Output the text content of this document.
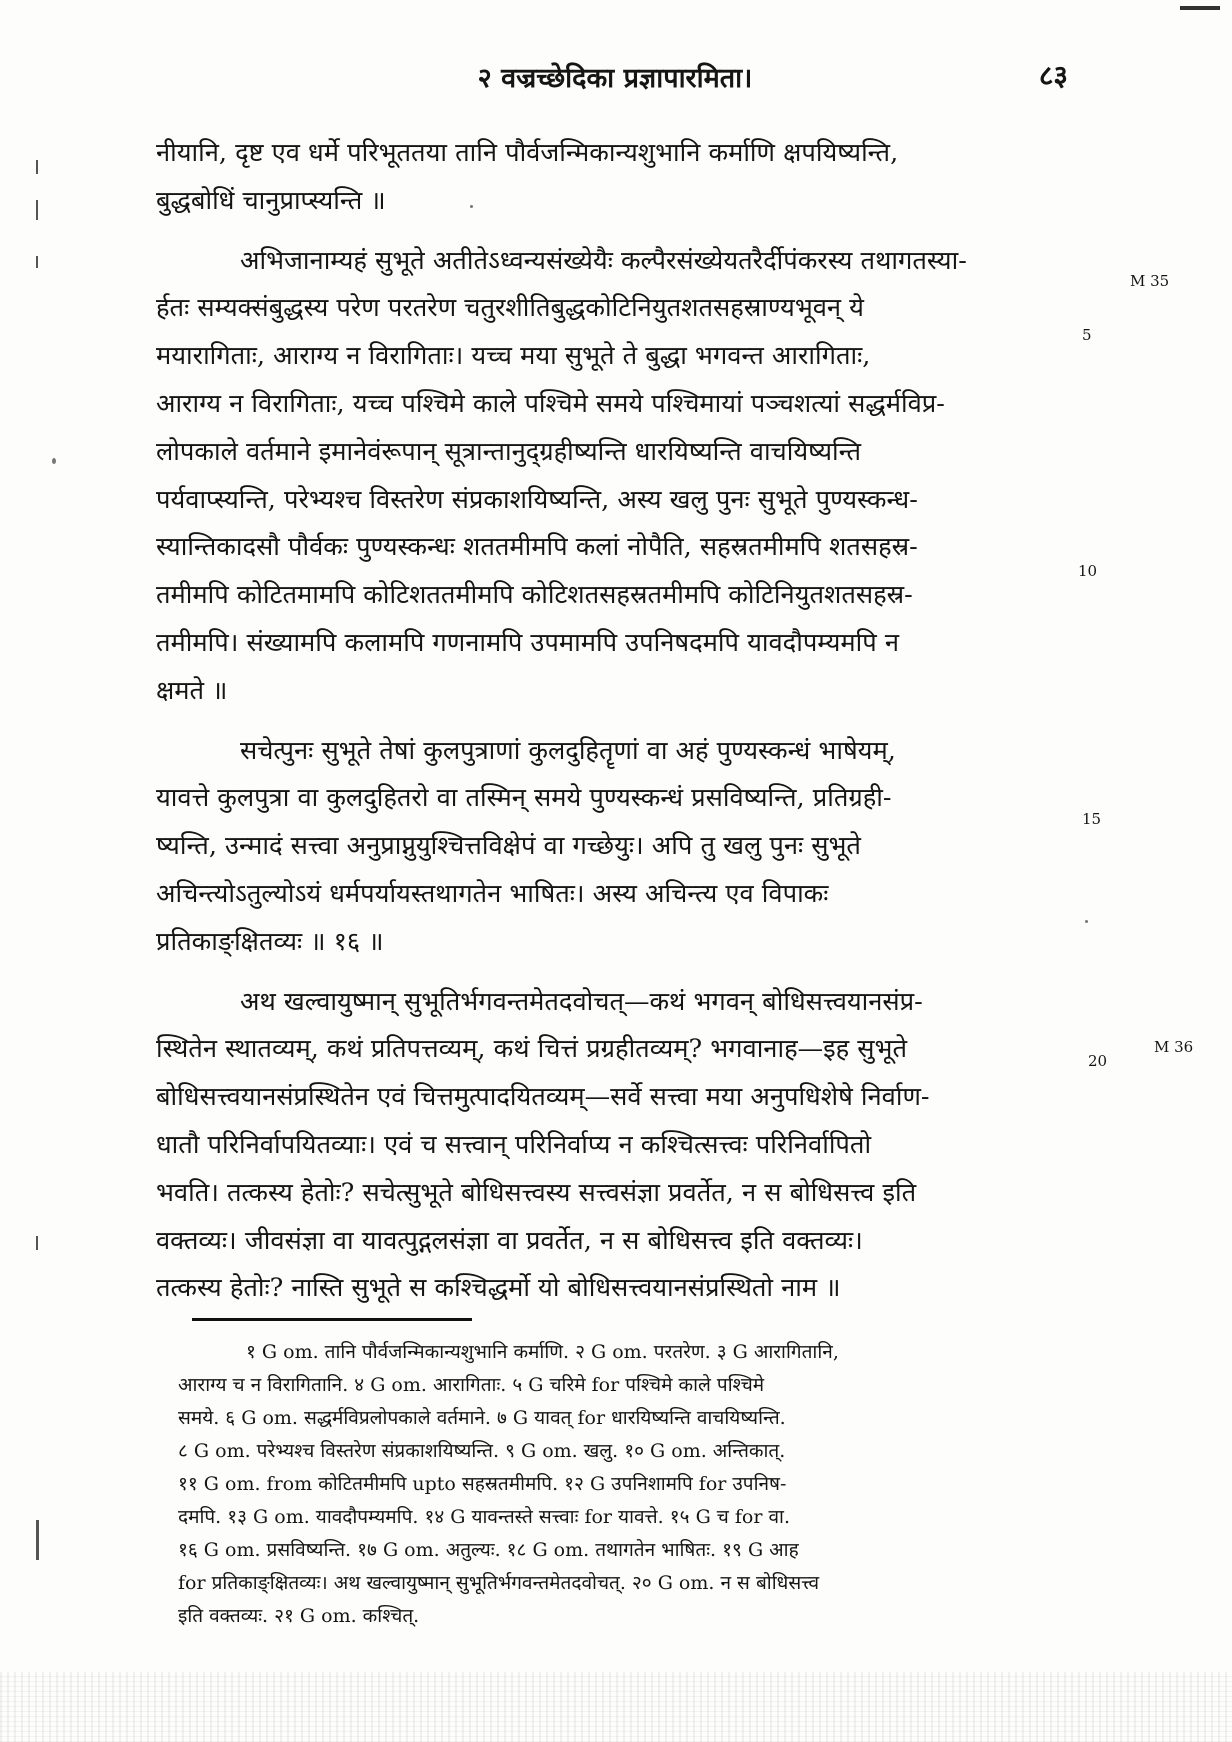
२ वज्रच्छेदिका प्रज्ञापारमिता।	८३
नीयानि, दृष्ट एव धर्मे परिभूततया तानि पौर्वजन्मिकान्यशुभानि कर्माणि क्षपयिष्यन्ति,
बुद्धबोधिं चानुप्राप्स्यन्ति ॥
अभिजानाम्यहं सुभूते अतीतेऽध्वन्यसंख्येयैः कल्पैरसंख्येयतरैर्दीपंकरस्य तथागतस्या-
र्हतः सम्यक्संबुद्धस्य परेण परतरेण चतुरशीतिबुद्धकोटिनियुतशतसहस्राण्यभूवन् ये
मयारागिताः, आराग्य न विरागिताः। यच्च मया सुभूते ते बुद्धा भगवन्त आरागिताः,
आराग्य न विरागिताः, यच्च पश्चिमे काले पश्चिमे समये पश्चिमायां पञ्चशत्यां सद्धर्मविप्र-
लोपकाले वर्तमाने इमानेवंरूपान् सूत्रान्तानुद्ग्रहीष्यन्ति धारयिष्यन्ति वाचयिष्यन्ति
पर्यवाप्स्यन्ति, परेभ्यश्च विस्तरेण संप्रकाशयिष्यन्ति, अस्य खलु पुनः सुभूते पुण्यस्कन्ध-
स्यान्तिकादसौ पौर्वकः पुण्यस्कन्धः शततमीमपि कलां नोपैति, सहस्रतमीमपि शतसहस्र-
तमीमपि कोटितमामपि कोटिशततमीमपि कोटिशतसहस्रतमीमपि कोटिनियुतशतसहस्र-
तमीमपि। संख्यामपि कलामपि गणनामपि उपमामपि उपनिषदमपि यावदौपम्यमपि न
क्षमते ॥
सचेत्पुनः सुभूते तेषां कुलपुत्राणां कुलदुहितॄणां वा अहं पुण्यस्कन्धं भाषेयम्,
यावत्ते कुलपुत्रा वा कुलदुहितरो वा तस्मिन् समये पुण्यस्कन्धं प्रसविष्यन्ति, प्रतिग्रही-
ष्यन्ति, उन्मादं सत्त्वा अनुप्राप्नुयुश्चित्तविक्षेपं वा गच्छेयुः। अपि तु खलु पुनः सुभूते
अचिन्त्योऽतुल्योऽयं धर्मपर्यायस्तथागतेन भाषितः। अस्य अचिन्त्य एव विपाकः
प्रतिकाङ्क्षितव्यः ॥ १६ ॥
अथ खल्वायुष्मान् सुभूतिर्भगवन्तमेतदवोचत्—कथं भगवन् बोधिसत्त्वयानसंप्र-
स्थितेन स्थातव्यम्, कथं प्रतिपत्तव्यम्, कथं चित्तं प्रग्रहीतव्यम्? भगवानाह—इह सुभूते
बोधिसत्त्वयानसंप्रस्थितेन एवं चित्तमुत्पादयितव्यम्—सर्वे सत्त्वा मया अनुपधिशेषे निर्वाण-
धातौ परिनिर्वापयितव्याः। एवं च सत्त्वान् परिनिर्वाप्य न कश्चित्सत्त्वः परिनिर्वापितो
भवति। तत्कस्य हेतोः? सचेत्सुभूते बोधिसत्त्वस्य सत्त्वसंज्ञा प्रवर्तेत, न स बोधिसत्त्व इति
वक्तव्यः। जीवसंज्ञा वा यावत्पुद्गलसंज्ञा वा प्रवर्तेत, न स बोधिसत्त्व इति वक्तव्यः।
तत्कस्य हेतोः? नास्ति सुभूते स कश्चिद्धर्मो यो बोधिसत्त्वयानसंप्रस्थितो नाम ॥
M 35
M 36
5
10
15
20
१ G om. तानि पौर्वजन्मिकान्यशुभानि कर्माणि. २ G om. परतरेण. ३ G आरागितानि,
आराग्य च न विरागितानि. ४ G om. आरागिताः. ५ G चरिमे for पश्चिमे काले पश्चिमे
समये. ६ G om. सद्धर्मविप्रलोपकाले वर्तमाने. ७ G यावत् for धारयिष्यन्ति वाचयिष्यन्ति.
८ G om. परेभ्यश्च विस्तरेण संप्रकाशयिष्यन्ति. ९ G om. खलु. १० G om. अन्तिकात्.
११ G om. from कोटितमीमपि upto सहस्रतमीमपि. १२ G उपनिशामपि for उपनिष-
दमपि. १३ G om. यावदौपम्यमपि. १४ G यावन्तस्ते सत्त्वाः for यावत्ते. १५ G च for वा.
१६ G om. प्रसविष्यन्ति. १७ G om. अतुल्यः. १८ G om. तथागतेन भाषितः. १९ G आह
for प्रतिकाङ्क्षितव्यः। अथ खल्वायुष्मान् सुभूतिर्भगवन्तमेतदवोचत्. २० G om. न स बोधिसत्त्व
इति वक्तव्यः. २१ G om. कश्चित्.
